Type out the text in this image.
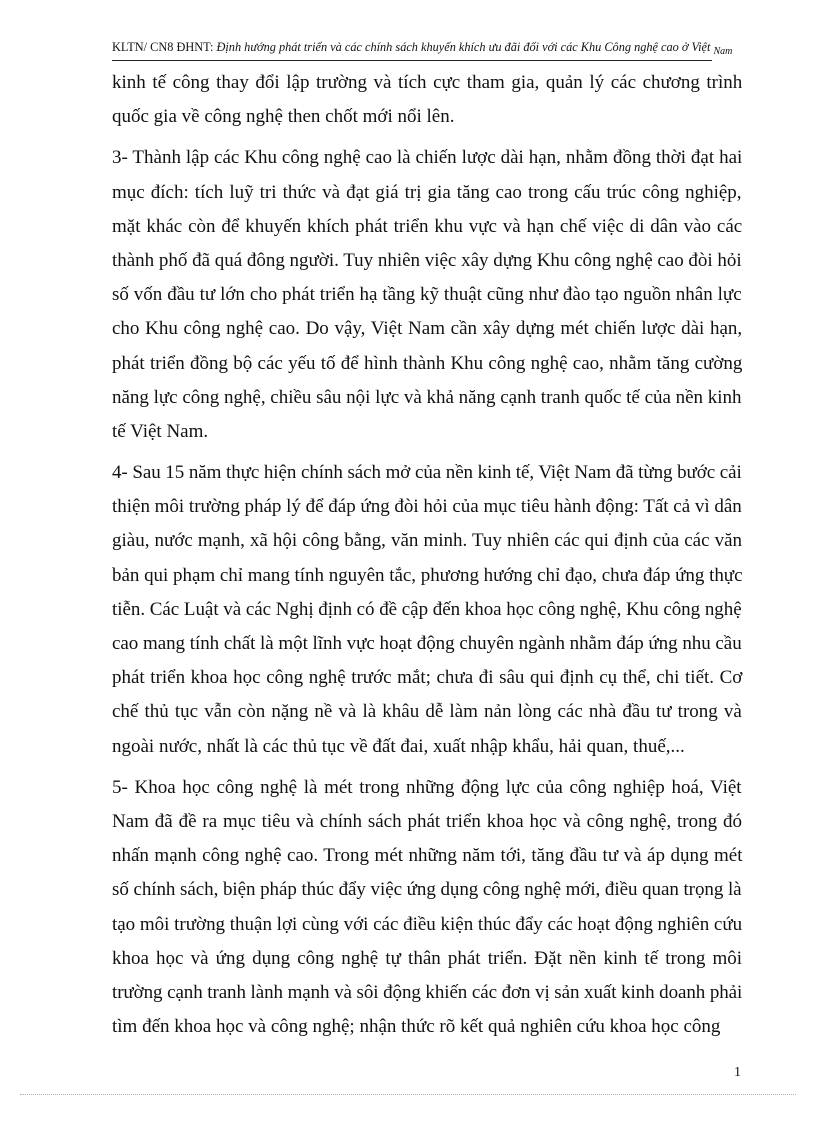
KLTN/ CN8 ĐHNT: Định hướng phát triển và các chính sách khuyến khích ưu đãi đối với các Khu Công nghệ cao ở Việt $_{Nam}$
kinh tế công thay đổi lập trường và tích cực tham gia, quản lý các chương trình
quốc gia về công nghệ then chốt mới nổi lên.
3- Thành lập các Khu công nghệ cao là chiến lược dài hạn, nhằm đồng thời đạt hai
mục đích: tích luỹ tri thức và đạt giá trị gia tăng cao trong cấu trúc công nghiệp,
mặt khác còn để khuyến khích phát triển khu vực và hạn chế việc di dân vào các
thành phố đã quá đông người. Tuy nhiên việc xây dựng Khu công nghệ cao đòi hỏi
số vốn đầu tư lớn cho phát triển hạ tầng kỹ thuật cũng như đào tạo nguồn nhân lực
cho Khu công nghệ cao. Do vậy, Việt Nam cần xây dựng mét chiến lược dài hạn,
phát triển đồng bộ các yếu tố để hình thành Khu công nghệ cao, nhằm tăng cường
năng lực công nghệ, chiều sâu nội lực và khả năng cạnh tranh quốc tế của nền kinh
tế Việt Nam.
4- Sau 15 năm thực hiện chính sách mở của nền kinh tế, Việt Nam đã từng bước cải
thiện môi trường pháp lý để đáp ứng đòi hỏi của mục tiêu hành động: Tất cả vì dân
giàu, nước mạnh, xã hội công bằng, văn minh. Tuy nhiên các qui định của các văn
bản qui phạm chỉ mang tính nguyên tắc, phương hướng chỉ đạo, chưa đáp ứng thực
tiễn. Các Luật và các Nghị định có đề cập đến khoa học công nghệ, Khu công nghệ
cao mang tính chất là một lĩnh vực hoạt động chuyên ngành nhằm đáp ứng nhu cầu
phát triển khoa học công nghệ trước mắt; chưa đi sâu qui định cụ thể, chi tiết. Cơ
chế thủ tục vẫn còn nặng nề và là khâu dễ làm nản lòng các nhà đầu tư trong và
ngoài nước, nhất là các thủ tục về đất đai, xuất nhập khẩu, hải quan, thuế,...
5- Khoa học công nghệ là mét trong những động lực của công nghiệp hoá, Việt
Nam đã đề ra mục tiêu và chính sách phát triển khoa học và công nghệ, trong đó
nhấn mạnh công nghệ cao. Trong mét những năm tới, tăng đầu tư và áp dụng mét
số chính sách, biện pháp thúc đẩy việc ứng dụng công nghệ mới, điều quan trọng là
tạo môi trường thuận lợi cùng với các điều kiện thúc đẩy các hoạt động nghiên cứu
khoa học và ứng dụng công nghệ tự thân phát triển. Đặt nền kinh tế trong môi
trường cạnh tranh lành mạnh và sôi động khiến các đơn vị sản xuất kinh doanh phải
tìm đến khoa học và công nghệ; nhận thức rõ kết quả nghiên cứu khoa học công
1
